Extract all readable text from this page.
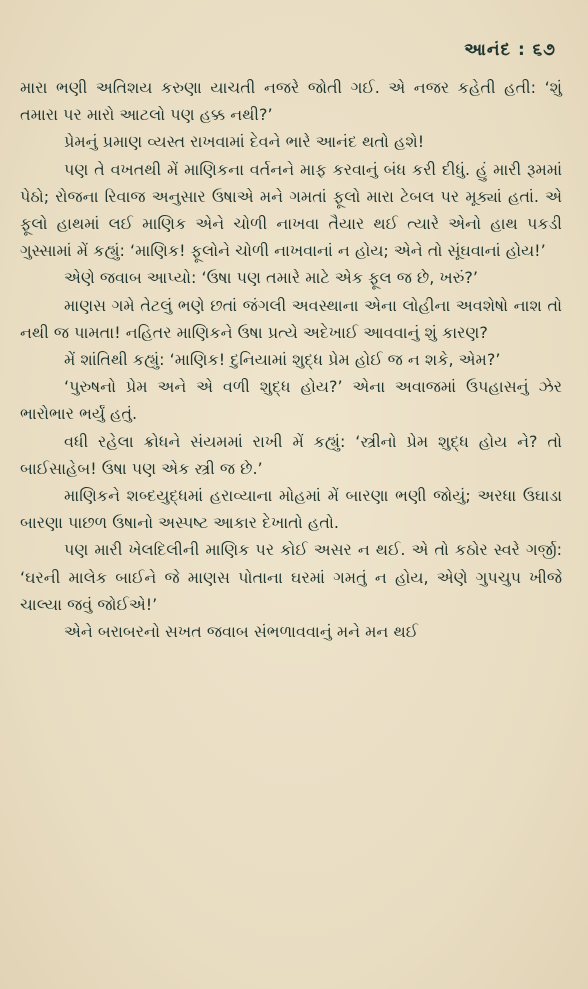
આનંદ : ૬૭

મારા ભણી અતિશય કરુણા યાચતી નજરે જોતી ગઈ. એ નજર કહેતી હતી: ‘શું તમારા પર મારો આટલો પણ હક્ક નથી?’

પ્રેમનું પ્રમાણ વ્યસ્ત રાખવામાં દેવને ભારે આનંદ થતો હશે!

પણ તે વખતથી મેં માણિકના વર્તનને માફ કરવાનું બંધ કરી દીધું. હું મારી રૂમમાં પેઠો; રોજના રિવાજ અનુસાર ઉષાએ મને ગમતાં ફૂલો મારા ટેબલ પર મૂક્યાં હતાં. એ ફૂલો હાથમાં લઈ માણિક એને ચોળી નાખવા તૈયાર થઈ ત્યારે એનો હાથ પકડી ગુસ્સામાં મેં કહ્યું: ‘માણિક! ફૂલોને ચોળી નાખવાનાં ન હોય; એને તો સૂંઘવાનાં હોય!’

એણે જવાબ આપ્યો: ‘ઉષા પણ તમારે માટે એક ફૂલ જ છે, ખરું?’

માણસ ગમે તેટલું ભણે છતાં જંગલી અવસ્થાના એના લોહીના અવશેષો નાશ તો નથી જ પામતા! નહિતર માણિકને ઉષા પ્રત્યે અદેખાઈ આવવાનું શું કારણ?

મેં શાંતિથી કહ્યું: ‘માણિક! દુનિયામાં શુદ્ધ પ્રેમ હોઈ જ ન શકે, એમ?’

‘પુરુષનો પ્રેમ અને એ વળી શુદ્ધ હોય?’ એના અવાજમાં ઉપહાસનું ઝેર ભારોભાર ભર્યું હતું.

વધી રહેલા ક્રોધને સંયમમાં રાખી મેં કહ્યું: ‘સ્ત્રીનો પ્રેમ શુદ્ધ હોય ને? તો બાઈસાહેબ! ઉષા પણ એક સ્ત્રી જ છે.’

માણિકને શબ્દયુદ્ધમાં હરાવ્યાના મોહમાં મેં બારણા ભણી જોયું; અરધા ઉઘાડા બારણા પાછળ ઉષાનો અસ્પષ્ટ આકાર દેખાતો હતો.

પણ મારી ખેલદિલીની માણિક પર કોઈ અસર ન થઈ. એ તો કઠોર સ્વરે ગર્જી: ‘ઘરની માલેક બાઈને જે માણસ પોતાના ઘરમાં ગમતું ન હોય, એણે ગુપચુપ ખીજે ચાલ્યા જવું જોઈએ!’

એને બરાબરનો સખત જવાબ સંભળાવવાનું મને મન થઈ
